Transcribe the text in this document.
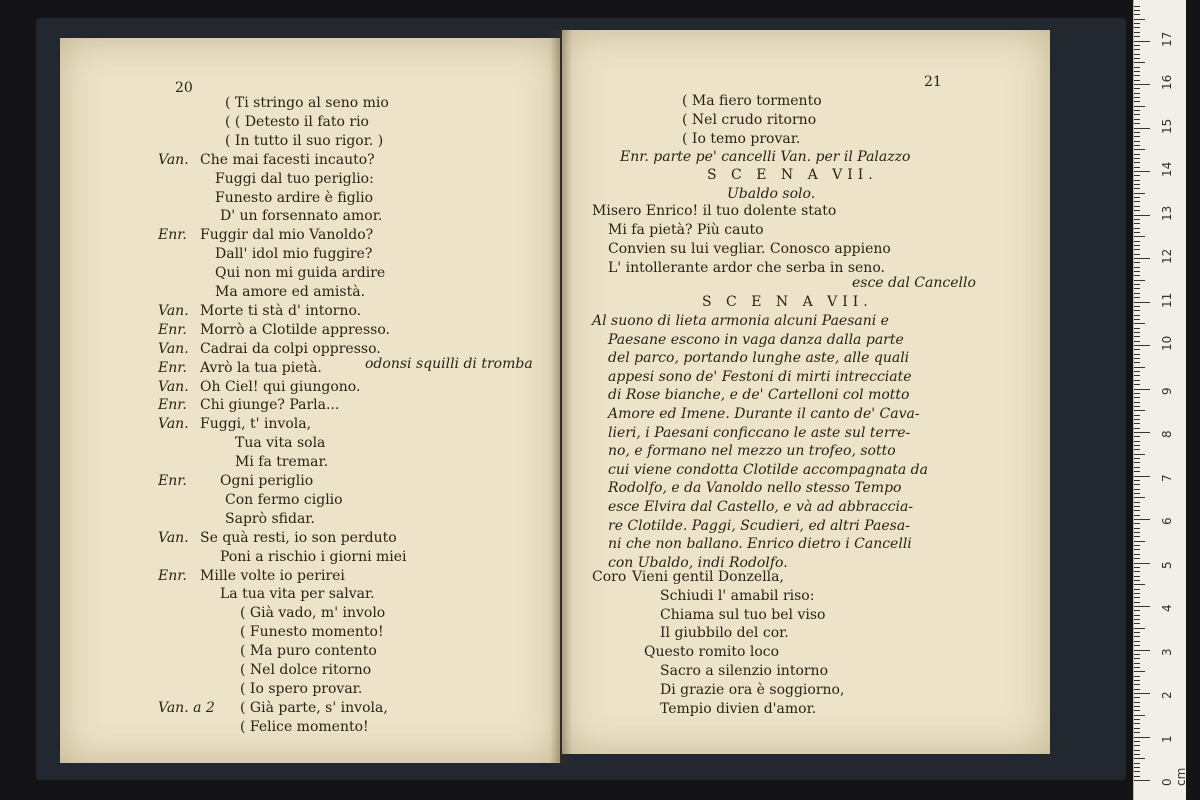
20
( Ti stringo al seno mio
( ( Detesto il fato rio
( In tutto il suo rigor. )
Van. Che mai facesti incauto?
Fuggi dal tuo periglio:
Funesto ardire è figlio
D' un forsennato amor.
Enr. Fuggir dal mio Vanoldo?
Dall' idol mio fuggire?
Qui non mi guida ardire
Ma amore ed amistà.
Van. Morte ti stà d' intorno.
Enr. Morrò a Clotilde appresso.
Van. Cadrai da colpi oppresso.
Enr. Avrò la tua pietà.	odonsi squilli di tromba
Van. Oh Ciel! qui giungono.
Enr. Chi giunge? Parla...
Van. Fuggi, t' invola,
Tua vita sola
Mi fa tremar.
Enr. Ogni periglio
Con fermo ciglio
Saprò sfidar.
Van. Se quà resti, io son perduto
Poni a rischio i giorni miei
Enr. Mille volte io perirei
La tua vita per salvar.
( Già vado, m' involo
( Funesto momento!
( Ma puro contento
( Nel dolce ritorno
( Io spero provar.
Van. a 2 ( Già parte, s' involа,
( Felice momento!
21
( Ma fiero tormento
( Nel crudo ritorno
( Io temo provar.
Enr. parte pe' cancelli Van. per il Palazzo
S C E N A VII.
Ubaldo solo.
Misero Enrico! il tuo dolente stato
Mi fa pietà? Più cauto
Convien su lui vegliar. Conosco appieno
L' intollerante ardor che serba in seno.
esce dal Cancello
S C E N A VII.
Al suono di lieta armonia alcuni Paesani e
Paesane escono in vaga danza dalla parte
del parco, portando lunghe aste, alle quali
appesi sono de' Festoni di mirti intrecciate
di Rose bianche, e de' Cartelloni col motto
Amore ed Imene. Durante il canto de' Cava-
lieri, i Paesani conficcano le aste sul terre-
no, e formano nel mezzo un trofeo, sotto
cui viene condotta Clotilde accompagnata da
Rodolfo, e da Vanoldo nello stesso Tempo
esce Elvira dal Castello, e và ad abbraccia-
re Clotilde. Paggi, Scudieri, ed altri Paesa-
ni che non ballano. Enrico dietro i Cancelli
con Ubaldo, indi Rodolfo.
Coro Vieni gentil Donzella,
Schiudi l' amabil riso:
Chiama sul tuo bel viso
Il giubbilo del cor.
Questo romito loco
Sacro a silenzio intorno
Di grazie ora è soggiorno,
Tempio divien d'amor.
0 cm
1
2
3
4
5
6
7
8
9
10
11
12
13
14
15
16
17
